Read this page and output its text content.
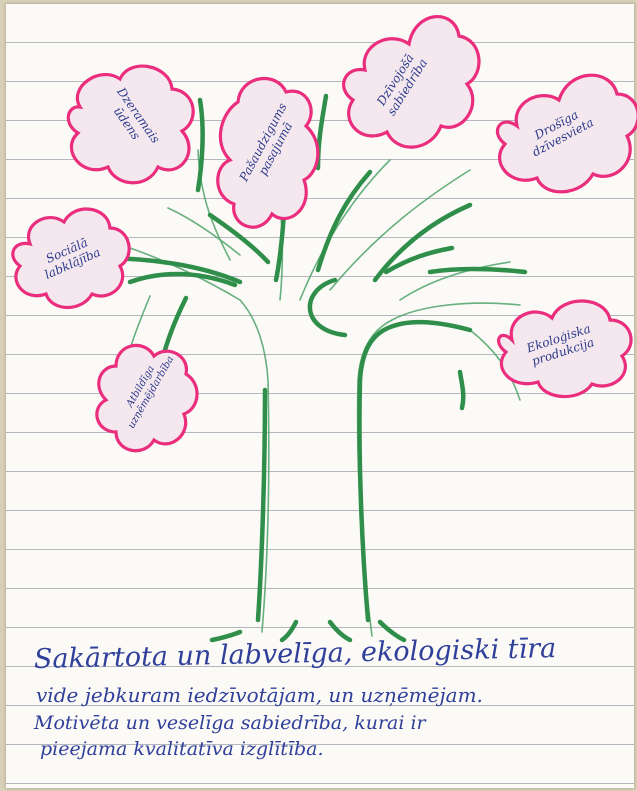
Dzeramais
ūdens	Pašaudzigums
pasajumā
Dzīvojošā
sabiedrība
Drošīga
dzīvesvieta
Sociālā
labklājība
Atbildīga
uzņēmējdarbība
Ekoloģiska
produkcija
Sakārtota un labvelīga, ekologiski tīra
vide jebkuram iedzīvotājam, un uzņēmējam.
Motivēta un veselīga sabiedrība, kurai ir
pieejama kvalitatīva izglītība.
